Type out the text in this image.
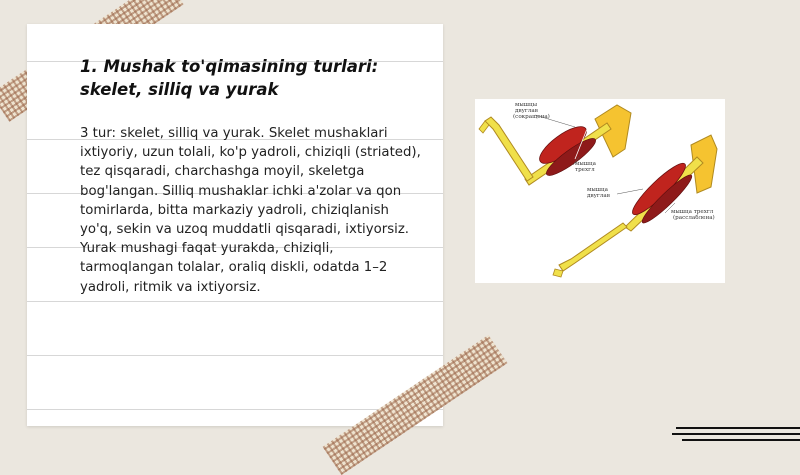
1. Mushak to'qimasining turlari:
skelet, silliq va yurak

3 tur: skelet, silliq va yurak. Skelet mushaklari ixtiyoriy, uzun tolali, ko'p yadroli, chiziqli (striated), tez qisqaradi, charchashga moyil, skeletga bog'langan. Silliq mushaklar ichki a'zolar va qon tomirlarda, bitta markaziy yadroli, chiziqlanish yo'q, sekin va uzoq muddatli qisqaradi, ixtiyorsiz. Yurak mushagi faqat yurakda, chiziqli, tarmoqlangan tolalar, oraliq diskli, odatda 1–2 yadroli, ritmik va ixtiyorsiz.

мышцы
двуглав
(сокращена)
мышца
трехгл
мышца
двуглав
мышца трехгл
(расслаблена)
